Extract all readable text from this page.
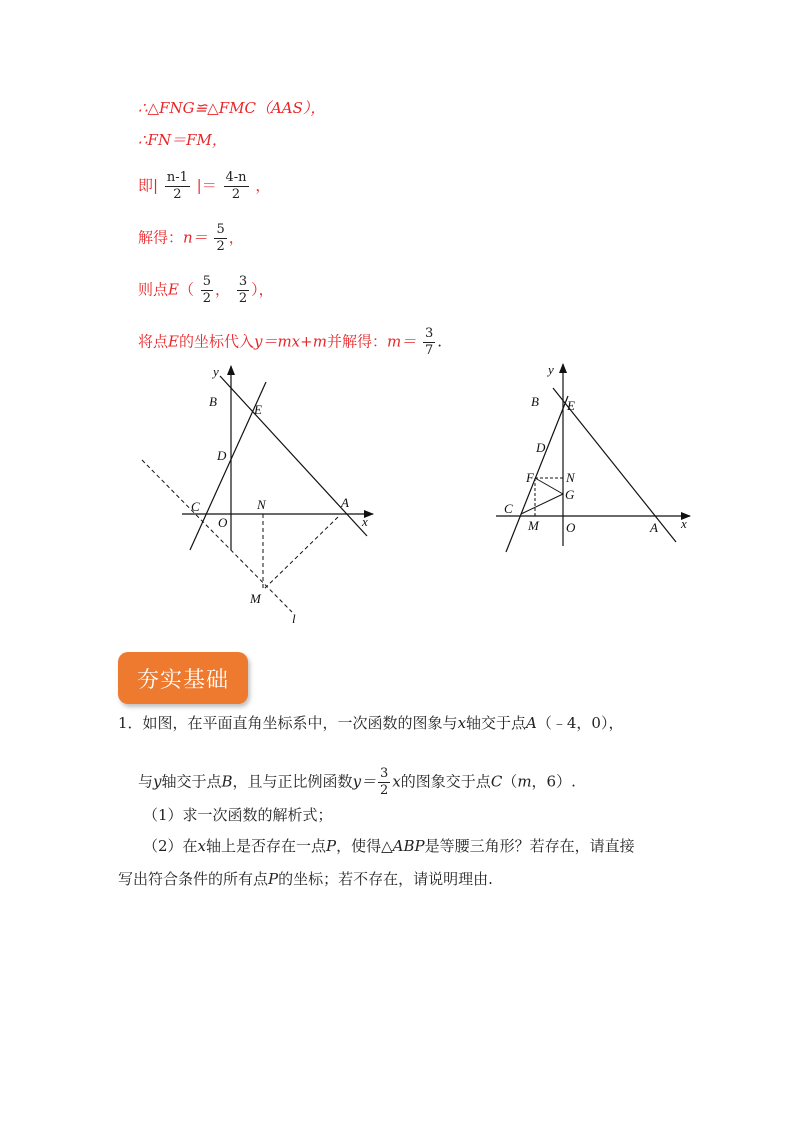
∴△FNG≌△FMC（AAS），
∴FN＝FM，
即| $\frac{n-1}{2}$ |＝ $\frac{4-n}{2}$ ，
解得：$n= \frac{5}{2}$ ，
则点$E( \frac{5}{2}$ ， $\frac{3}{2}$ ），
将点E的坐标代入y＝mx+m并解得：$m= \frac{3}{7}$ .
y
B
E
D
C
O
N	A
x
M
l
y
B E
D
F N
G
C
M O	A x
夯实基础
1．如图，在平面直角坐标系中，一次函数的图象与x轴交于点A（﹣4，0），
与y轴交于点B，且与正比例函数$y= \frac{3}{2}$ x的图象交于点C（m，6）.
（1）求一次函数的解析式；
（2）在x轴上是否存在一点P，使得△ABP是等腰三角形？若存在，请直接
写出符合条件的所有点P的坐标；若不存在，请说明理由.
